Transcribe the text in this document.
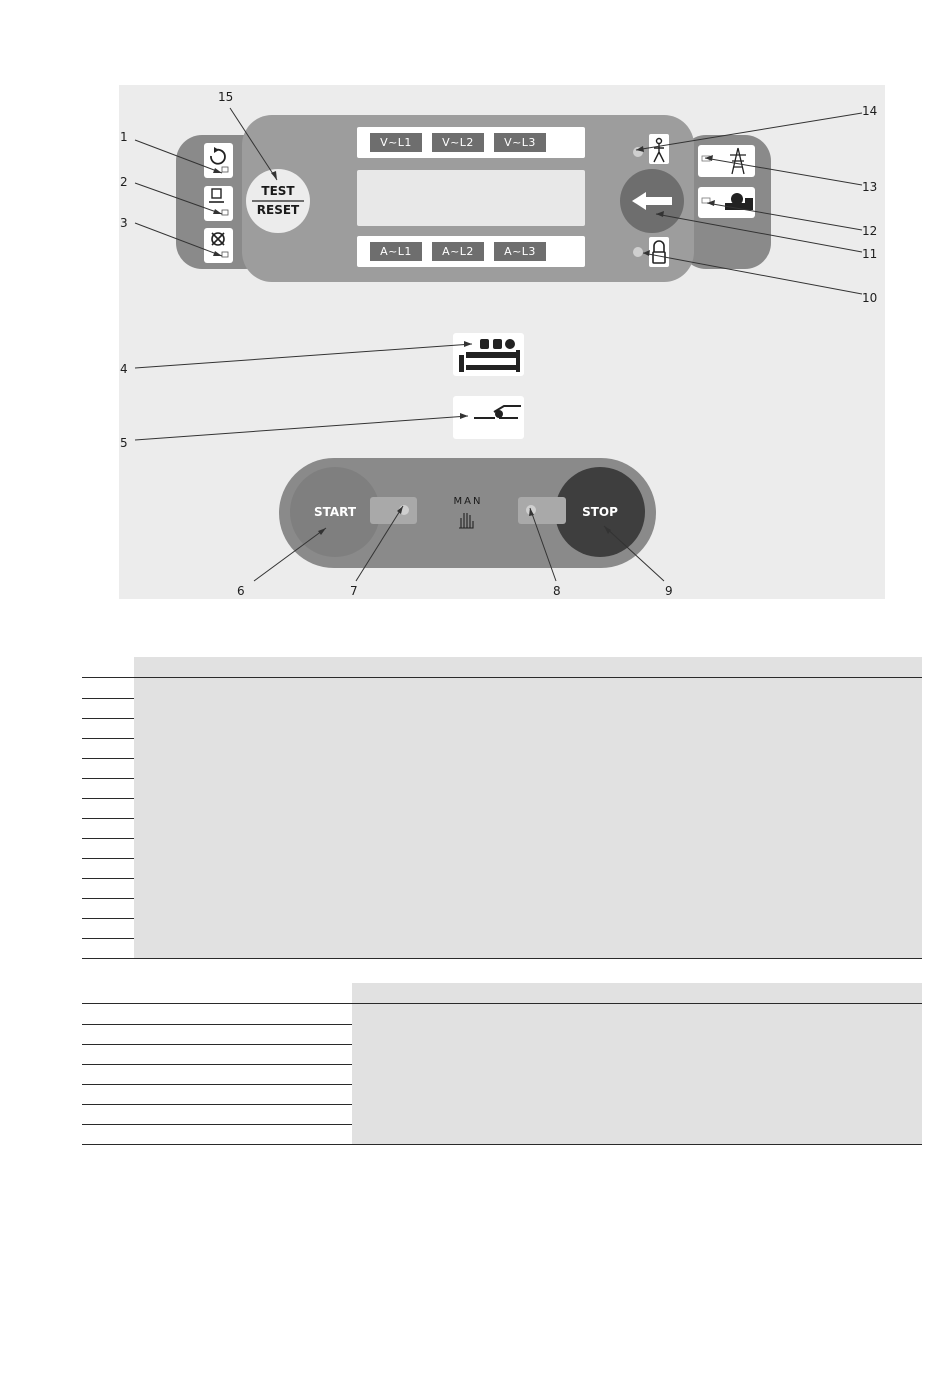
TEST
RESET
V~L1	V~L2	V~L3
A~L1	A~L2	A~L3
START	STOP
MAN
1
2
3
4
5
6	7	8	9
10
11
12
13
14
15
